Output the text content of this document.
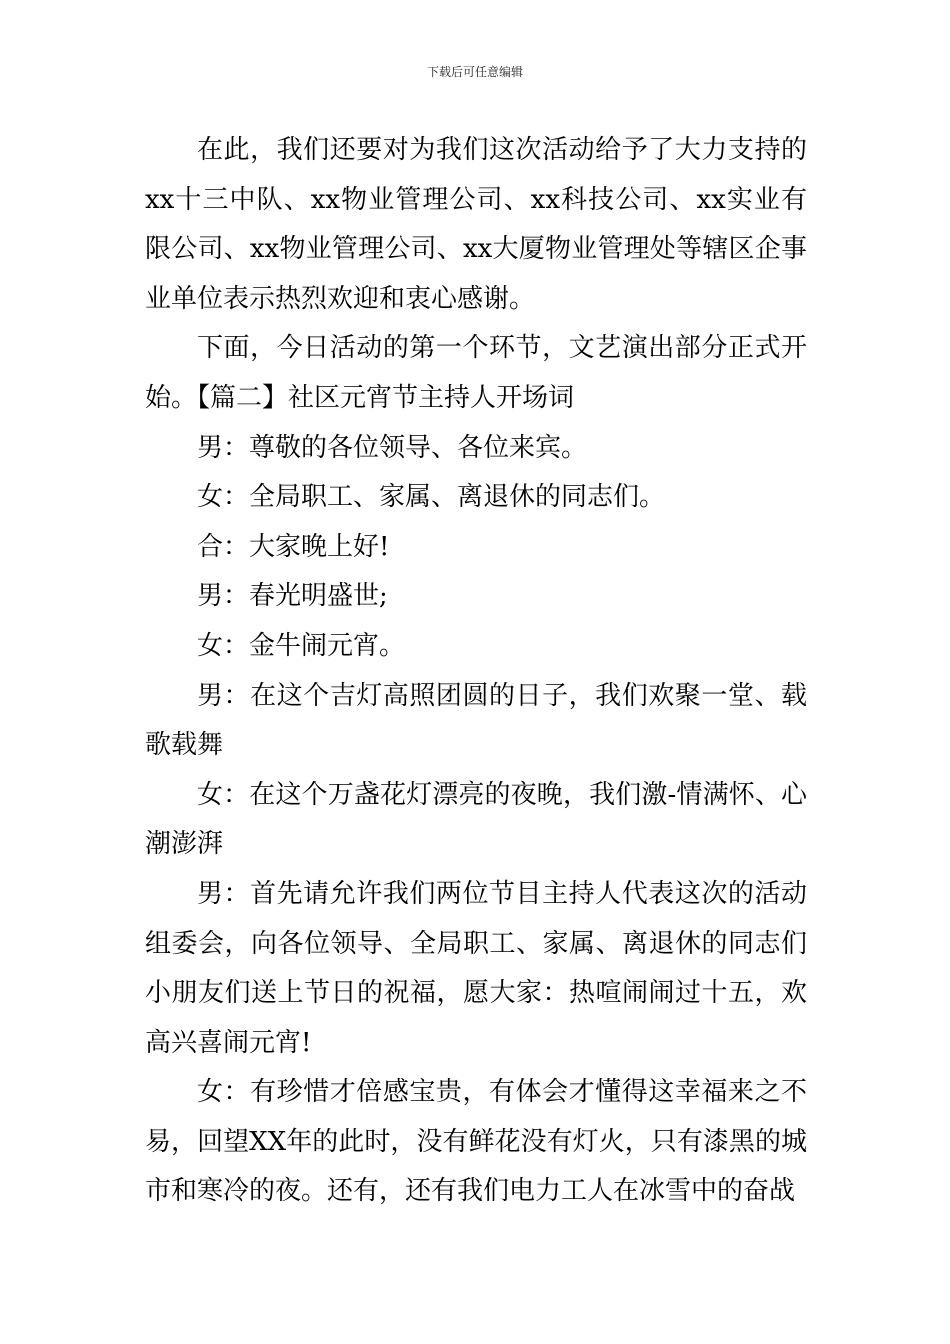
下载后可任意编辑

在此，我们还要对为我们这次活动给予了大力支持的xx十三中队、xx物业管理公司、xx科技公司、xx实业有限公司、xx物业管理公司、xx大厦物业管理处等辖区企事业单位表示热烈欢迎和衷心感谢。

下面，今日活动的第一个环节，文艺演出部分正式开始。【篇二】社区元宵节主持人开场词

男：尊敬的各位领导、各位来宾。

女：全局职工、家属、离退休的同志们。

合：大家晚上好!

男：春光明盛世;

女：金牛闹元宵。

男：在这个吉灯高照团圆的日子，我们欢聚一堂、载歌载舞

女：在这个万盏花灯漂亮的夜晚，我们激-情满怀、心潮澎湃

男：首先请允许我们两位节目主持人代表这次的活动组委会，向各位领导、全局职工、家属、离退休的同志们小朋友们送上节日的祝福，愿大家：热喧闹闹过十五，欢高兴喜闹元宵!

女：有珍惜才倍感宝贵，有体会才懂得这幸福来之不易，回望XX年的此时，没有鲜花没有灯火，只有漆黑的城市和寒冷的夜。还有，还有我们电力工人在冰雪中的奋战
